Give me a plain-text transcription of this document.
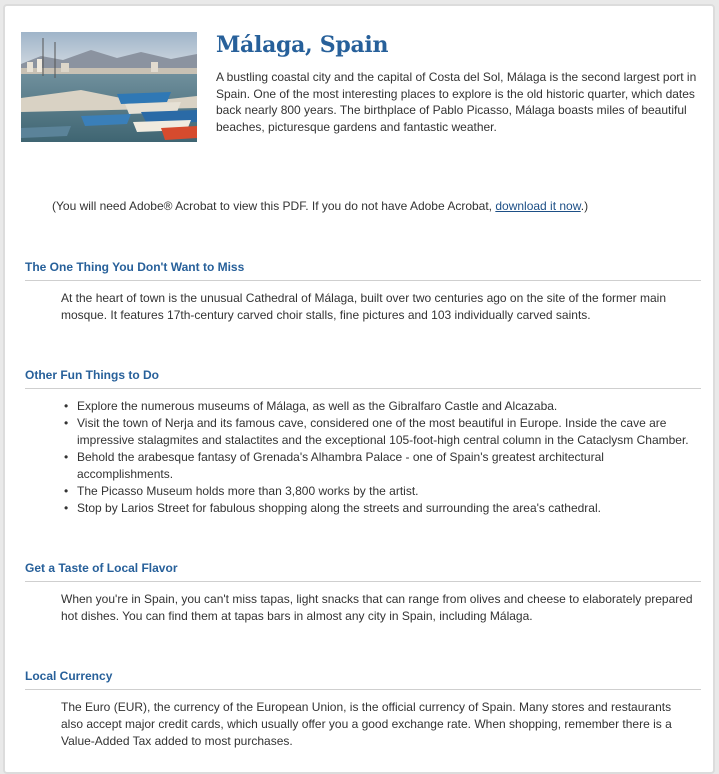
Málaga, Spain

A bustling coastal city and the capital of Costa del Sol, Málaga is the second largest port in Spain. One of the most interesting places to explore is the old historic quarter, which dates back nearly 800 years. The birthplace of Pablo Picasso, Málaga boasts miles of beautiful beaches, picturesque gardens and fantastic weather.

(You will need Adobe® Acrobat to view this PDF. If you do not have Adobe Acrobat, download it now.)

The One Thing You Don't Want to Miss

At the heart of town is the unusual Cathedral of Málaga, built over two centuries ago on the site of the former main mosque. It features 17th-century carved choir stalls, fine pictures and 103 individually carved saints.

Other Fun Things to Do
• Explore the numerous museums of Málaga, as well as the Gibralfaro Castle and Alcazaba.
• Visit the town of Nerja and its famous cave, considered one of the most beautiful in Europe. Inside the cave are impressive stalagmites and stalactites and the exceptional 105-foot-high central column in the Cataclysm Chamber.
• Behold the arabesque fantasy of Grenada's Alhambra Palace - one of Spain's greatest architectural accomplishments.
• The Picasso Museum holds more than 3,800 works by the artist.
• Stop by Larios Street for fabulous shopping along the streets and surrounding the area's cathedral.
Get a Taste of Local Flavor

When you're in Spain, you can't miss tapas, light snacks that can range from olives and cheese to elaborately prepared hot dishes. You can find them at tapas bars in almost any city in Spain, including Málaga.

Local Currency

The Euro (EUR), the currency of the European Union, is the official currency of Spain. Many stores and restaurants also accept major credit cards, which usually offer you a good exchange rate. When shopping, remember there is a Value-Added Tax added to most purchases.
